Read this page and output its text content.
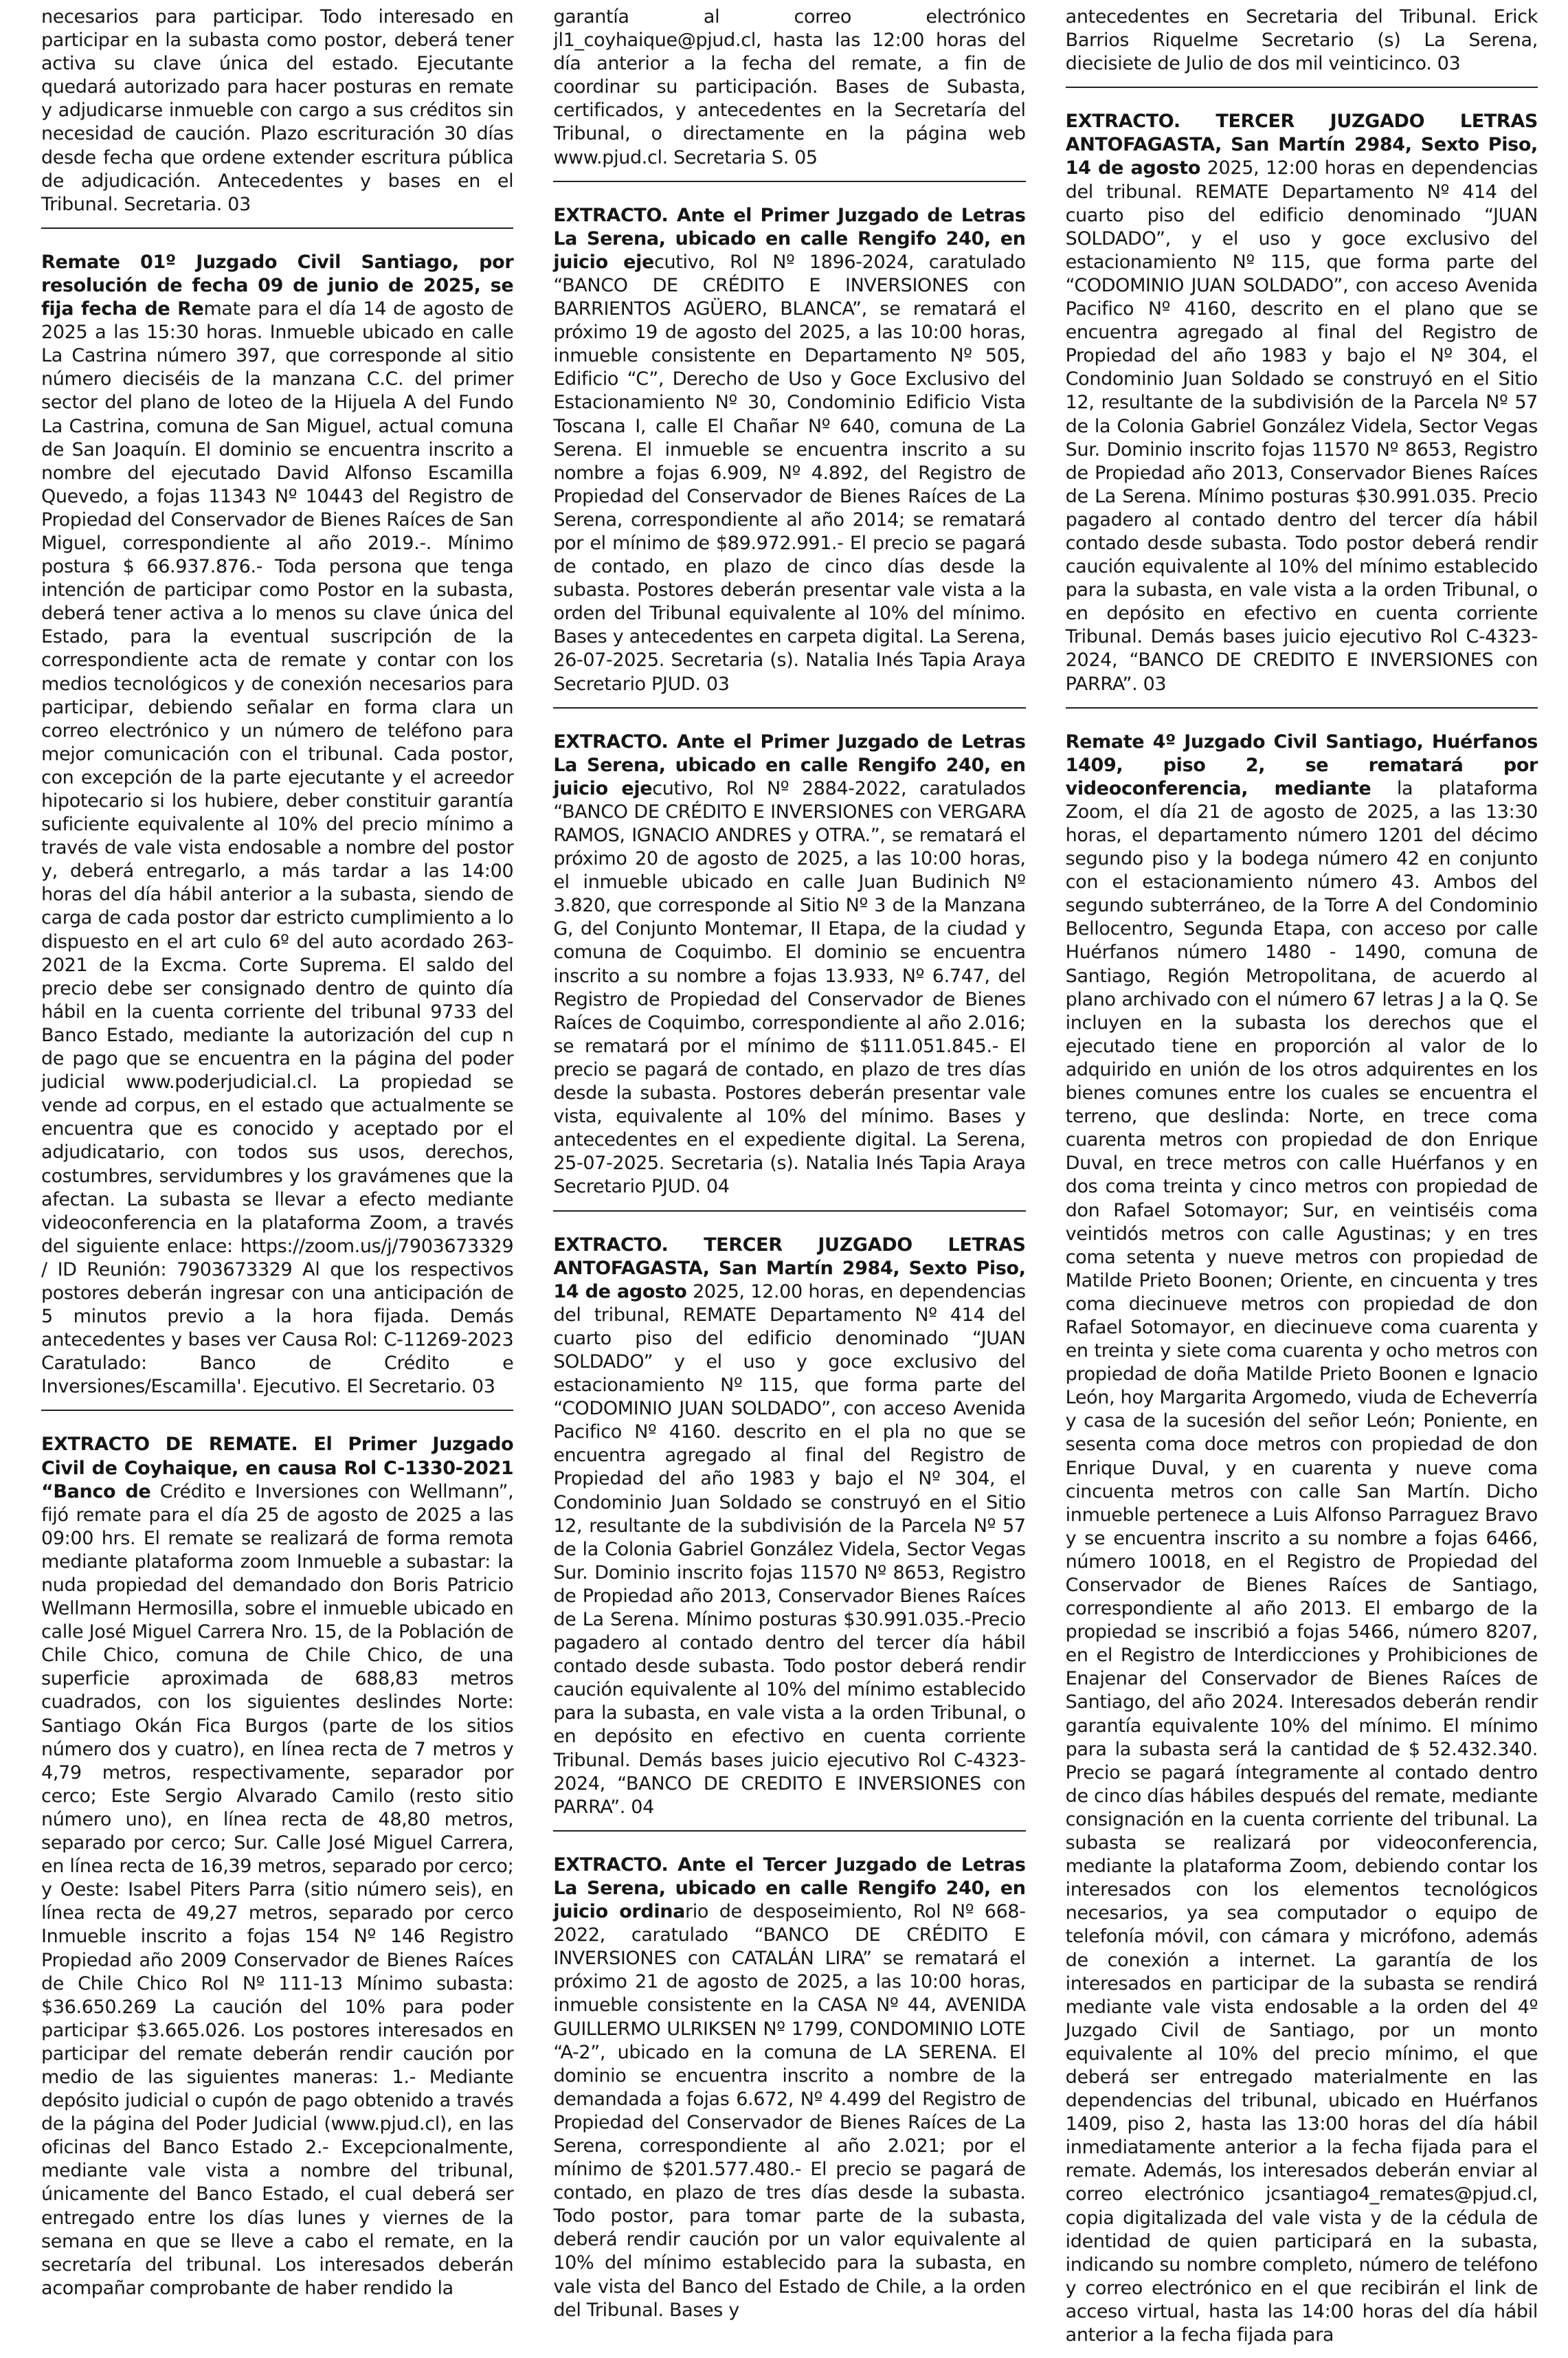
necesarios para participar. Todo interesado en participar en la subasta como postor, deberá tener activa su clave única del estado. Ejecutante quedará autorizado para hacer posturas en remate y adjudicarse inmueble con cargo a sus créditos sin necesidad de caución. Plazo escrituración 30 días desde fecha que ordene extender escritura pública de adjudicación. Antecedentes y bases en el Tribunal. Secretaria. 03
Remate 01º Juzgado Civil Santiago, por resolución de fecha 09 de junio de 2025, se fija fecha de Remate para el día 14 de agosto de 2025 a las 15:30 horas. Inmueble ubicado en calle La Castrina número 397, que corresponde al sitio número dieciséis de la manzana C.C. del primer sector del plano de loteo de la Hijuela A del Fundo La Castrina, comuna de San Miguel, actual comuna de San Joaquín. El dominio se encuentra inscrito a nombre del ejecutado David Alfonso Escamilla Quevedo, a fojas 11343 Nº 10443 del Registro de Propiedad del Conservador de Bienes Raíces de San Miguel, correspondiente al año 2019.-. Mínimo postura $ 66.937.876.- Toda persona que tenga intención de participar como Postor en la subasta, deberá tener activa a lo menos su clave única del Estado, para la eventual suscripción de la correspondiente acta de remate y contar con los medios tecnológicos y de conexión necesarios para participar, debiendo señalar en forma clara un correo electrónico y un número de teléfono para mejor comunicación con el tribunal. Cada postor, con excepción de la parte ejecutante y el acreedor hipotecario si los hubiere, deber constituir garantía suficiente equivalente al 10% del precio mínimo a través de vale vista endosable a nombre del postor y, deberá entregarlo, a más tardar a las 14:00 horas del día hábil anterior a la subasta, siendo de carga de cada postor dar estricto cumplimiento a lo dispuesto en el art culo 6º del auto acordado 263-2021 de la Excma. Corte Suprema. El saldo del precio debe ser consignado dentro de quinto día hábil en la cuenta corriente del tribunal 9733 del Banco Estado, mediante la autorización del cup n de pago que se encuentra en la página del poder judicial www.poderjudicial.cl. La propiedad se vende ad corpus, en el estado que actualmente se encuentra que es conocido y aceptado por el adjudicatario, con todos sus usos, derechos, costumbres, servidumbres y los gravámenes que la afectan. La subasta se llevar a efecto mediante videoconferencia en la plataforma Zoom, a través del siguiente enlace: https://zoom.us/j/7903673329 / ID Reunión: 7903673329 Al que los respectivos postores deberán ingresar con una anticipación de 5 minutos previo a la hora fijada. Demás antecedentes y bases ver Causa Rol: C-11269-2023 Caratulado: Banco de Crédito e Inversiones/Escamilla'. Ejecutivo. El Secretario. 03
EXTRACTO DE REMATE. El Primer Juzgado Civil de Coyhaique, en causa Rol C-1330-2021 “Banco de Crédito e Inversiones con Wellmann”, fijó remate para el día 25 de agosto de 2025 a las 09:00 hrs. El remate se realizará de forma remota mediante plataforma zoom Inmueble a subastar: la nuda propiedad del demandado don Boris Patricio Wellmann Hermosilla, sobre el inmueble ubicado en calle José Miguel Carrera Nro. 15, de la Población de Chile Chico, comuna de Chile Chico, de una superficie aproximada de 688,83 metros cuadrados, con los siguientes deslindes Norte: Santiago Okán Fica Burgos (parte de los sitios número dos y cuatro), en línea recta de 7 metros y 4,79 metros, respectivamente, separador por cerco; Este Sergio Alvarado Camilo (resto sitio número uno), en línea recta de 48,80 metros, separado por cerco; Sur. Calle José Miguel Carrera, en línea recta de 16,39 metros, separado por cerco; y Oeste: Isabel Piters Parra (sitio número seis), en línea recta de 49,27 metros, separado por cerco Inmueble inscrito a fojas 154 Nº 146 Registro Propiedad año 2009 Conservador de Bienes Raíces de Chile Chico Rol Nº 111-13 Mínimo subasta: $36.650.269 La caución del 10% para poder participar $3.665.026. Los postores interesados en participar del remate deberán rendir caución por medio de las siguientes maneras: 1.- Mediante depósito judicial o cupón de pago obtenido a través de la página del Poder Judicial (www.pjud.cl), en las oficinas del Banco Estado 2.- Excepcionalmente, mediante vale vista a nombre del tribunal, únicamente del Banco Estado, el cual deberá ser entregado entre los días lunes y viernes de la semana en que se lleve a cabo el remate, en la secretaría del tribunal. Los interesados deberán acompañar comprobante de haber rendido la
garantía al correo electrónico jl1_coyhaique@pjud.cl, hasta las 12:00 horas del día anterior a la fecha del remate, a fin de coordinar su participación. Bases de Subasta, certificados, y antecedentes en la Secretaría del Tribunal, o directamente en la página web www.pjud.cl. Secretaria S. 05
EXTRACTO. Ante el Primer Juzgado de Letras La Serena, ubicado en calle Rengifo 240, en juicio ejecutivo, Rol Nº 1896-2024, caratulado “BANCO DE CRÉDITO E INVERSIONES con BARRIENTOS AGÜERO, BLANCA”, se rematará el próximo 19 de agosto del 2025, a las 10:00 horas, inmueble consistente en Departamento Nº 505, Edificio “C”, Derecho de Uso y Goce Exclusivo del Estacionamiento Nº 30, Condominio Edificio Vista Toscana I, calle El Chañar Nº 640, comuna de La Serena. El inmueble se encuentra inscrito a su nombre a fojas 6.909, Nº 4.892, del Registro de Propiedad del Conservador de Bienes Raíces de La Serena, correspondiente al año 2014; se rematará por el mínimo de $89.972.991.- El precio se pagará de contado, en plazo de cinco días desde la subasta. Postores deberán presentar vale vista a la orden del Tribunal equivalente al 10% del mínimo. Bases y antecedentes en carpeta digital. La Serena, 26-07-2025. Secretaria (s). Natalia Inés Tapia Araya Secretario PJUD. 03
EXTRACTO. Ante el Primer Juzgado de Letras La Serena, ubicado en calle Rengifo 240, en juicio ejecutivo, Rol Nº 2884-2022, caratulados “BANCO DE CRÉDITO E INVERSIONES con VERGARA RAMOS, IGNACIO ANDRES y OTRA.”, se rematará el próximo 20 de agosto de 2025, a las 10:00 horas, el inmueble ubicado en calle Juan Budinich Nº 3.820, que corresponde al Sitio Nº 3 de la Manzana G, del Conjunto Montemar, II Etapa, de la ciudad y comuna de Coquimbo. El dominio se encuentra inscrito a su nombre a fojas 13.933, Nº 6.747, del Registro de Propiedad del Conservador de Bienes Raíces de Coquimbo, correspondiente al año 2.016; se rematará por el mínimo de $111.051.845.- El precio se pagará de contado, en plazo de tres días desde la subasta. Postores deberán presentar vale vista, equivalente al 10% del mínimo. Bases y antecedentes en el expediente digital. La Serena, 25-07-2025. Secretaria (s). Natalia Inés Tapia Araya Secretario PJUD. 04
EXTRACTO. TERCER JUZGADO LETRAS ANTOFAGASTA, San Martín 2984, Sexto Piso, 14 de agosto 2025, 12.00 horas, en dependencias del tribunal, REMATE Departamento Nº 414 del cuarto piso del edificio denominado “JUAN SOLDADO” y el uso y goce exclusivo del estacionamiento Nº 115, que forma parte del “CODOMINIO JUAN SOLDADO”, con acceso Avenida Pacifico Nº 4160. descrito en el pla no que se encuentra agregado al final del Registro de Propiedad del año 1983 y bajo el Nº 304, el Condominio Juan Soldado se construyó en el Sitio 12, resultante de la subdivisión de la Parcela Nº 57 de la Colonia Gabriel González Videla, Sector Vegas Sur. Dominio inscrito fojas 11570 Nº 8653, Registro de Propiedad año 2013, Conservador Bienes Raíces de La Serena. Mínimo posturas $30.991.035.-Precio pagadero al contado dentro del tercer día hábil contado desde subasta. Todo postor deberá rendir caución equivalente al 10% del mínimo establecido para la subasta, en vale vista a la orden Tribunal, o en depósito en efectivo en cuenta corriente Tribunal. Demás bases juicio ejecutivo Rol C-4323-2024, “BANCO DE CREDITO E INVERSIONES con PARRA”. 04
EXTRACTO. Ante el Tercer Juzgado de Letras La Serena, ubicado en calle Rengifo 240, en juicio ordinario de desposeimiento, Rol Nº 668-2022, caratulado “BANCO DE CRÉDITO E INVERSIONES con CATALÁN LIRA” se rematará el próximo 21 de agosto de 2025, a las 10:00 horas, inmueble consistente en la CASA Nº 44, AVENIDA GUILLERMO ULRIKSEN Nº 1799, CONDOMINIO LOTE “A-2”, ubicado en la comuna de LA SERENA. El dominio se encuentra inscrito a nombre de la demandada a fojas 6.672, Nº 4.499 del Registro de Propiedad del Conservador de Bienes Raíces de La Serena, correspondiente al año 2.021; por el mínimo de $201.577.480.- El precio se pagará de contado, en plazo de tres días desde la subasta. Todo postor, para tomar parte de la subasta, deberá rendir caución por un valor equivalente al 10% del mínimo establecido para la subasta, en vale vista del Banco del Estado de Chile, a la orden del Tribunal. Bases y
antecedentes en Secretaria del Tribunal. Erick Barrios Riquelme Secretario (s) La Serena, diecisiete de Julio de dos mil veinticinco. 03
EXTRACTO. TERCER JUZGADO LETRAS ANTOFAGASTA, San Martín 2984, Sexto Piso, 14 de agosto 2025, 12:00 horas en dependencias del tribunal. REMATE Departamento Nº 414 del cuarto piso del edificio denominado “JUAN SOLDADO”, y el uso y goce exclusivo del estacionamiento Nº 115, que forma parte del “CODOMINIO JUAN SOLDADO”, con acceso Avenida Pacifico Nº 4160, descrito en el plano que se encuentra agregado al final del Registro de Propiedad del año 1983 y bajo el Nº 304, el Condominio Juan Soldado se construyó en el Sitio 12, resultante de la subdivisión de la Parcela Nº 57 de la Colonia Gabriel González Videla, Sector Vegas Sur. Dominio inscrito fojas 11570 Nº 8653, Registro de Propiedad año 2013, Conservador Bienes Raíces de La Serena. Mínimo posturas $30.991.035. Precio pagadero al contado dentro del tercer día hábil contado desde subasta. Todo postor deberá rendir caución equivalente al 10% del mínimo establecido para la subasta, en vale vista a la orden Tribunal, o en depósito en efectivo en cuenta corriente Tribunal. Demás bases juicio ejecutivo Rol C-4323-2024, “BANCO DE CREDITO E INVERSIONES con PARRA”. 03
Remate 4º Juzgado Civil Santiago, Huérfanos 1409, piso 2, se rematará por videoconferencia, mediante la plataforma Zoom, el día 21 de agosto de 2025, a las 13:30 horas, el departamento número 1201 del décimo segundo piso y la bodega número 42 en conjunto con el estacionamiento número 43. Ambos del segundo subterráneo, de la Torre A del Condominio Bellocentro, Segunda Etapa, con acceso por calle Huérfanos número 1480 - 1490, comuna de Santiago, Región Metropolitana, de acuerdo al plano archivado con el número 67 letras J a la Q. Se incluyen en la subasta los derechos que el ejecutado tiene en proporción al valor de lo adquirido en unión de los otros adquirentes en los bienes comunes entre los cuales se encuentra el terreno, que deslinda: Norte, en trece coma cuarenta metros con propiedad de don Enrique Duval, en trece metros con calle Huérfanos y en dos coma treinta y cinco metros con propiedad de don Rafael Sotomayor; Sur, en veintiséis coma veintidós metros con calle Agustinas; y en tres coma setenta y nueve metros con propiedad de Matilde Prieto Boonen; Oriente, en cincuenta y tres coma diecinueve metros con propiedad de don Rafael Sotomayor, en diecinueve coma cuarenta y en treinta y siete coma cuarenta y ocho metros con propiedad de doña Matilde Prieto Boonen e Ignacio León, hoy Margarita Argomedo, viuda de Echeverría y casa de la sucesión del señor León; Poniente, en sesenta coma doce metros con propiedad de don Enrique Duval, y en cuarenta y nueve coma cincuenta metros con calle San Martín. Dicho inmueble pertenece a Luis Alfonso Parraguez Bravo y se encuentra inscrito a su nombre a fojas 6466, número 10018, en el Registro de Propiedad del Conservador de Bienes Raíces de Santiago, correspondiente al año 2013. El embargo de la propiedad se inscribió a fojas 5466, número 8207, en el Registro de Interdicciones y Prohibiciones de Enajenar del Conservador de Bienes Raíces de Santiago, del año 2024. Interesados deberán rendir garantía equivalente 10% del mínimo. El mínimo para la subasta será la cantidad de $ 52.432.340. Precio se pagará íntegramente al contado dentro de cinco días hábiles después del remate, mediante consignación en la cuenta corriente del tribunal. La subasta se realizará por videoconferencia, mediante la plataforma Zoom, debiendo contar los interesados con los elementos tecnológicos necesarios, ya sea computador o equipo de telefonía móvil, con cámara y micrófono, además de conexión a internet. La garantía de los interesados en participar de la subasta se rendirá mediante vale vista endosable a la orden del 4º Juzgado Civil de Santiago, por un monto equivalente al 10% del precio mínimo, el que deberá ser entregado materialmente en las dependencias del tribunal, ubicado en Huérfanos 1409, piso 2, hasta las 13:00 horas del día hábil inmediatamente anterior a la fecha fijada para el remate. Además, los interesados deberán enviar al correo electrónico jcsantiago4_remates@pjud.cl, copia digitalizada del vale vista y de la cédula de identidad de quien participará en la subasta, indicando su nombre completo, número de teléfono y correo electrónico en el que recibirán el link de acceso virtual, hasta las 14:00 horas del día hábil anterior a la fecha fijada para
